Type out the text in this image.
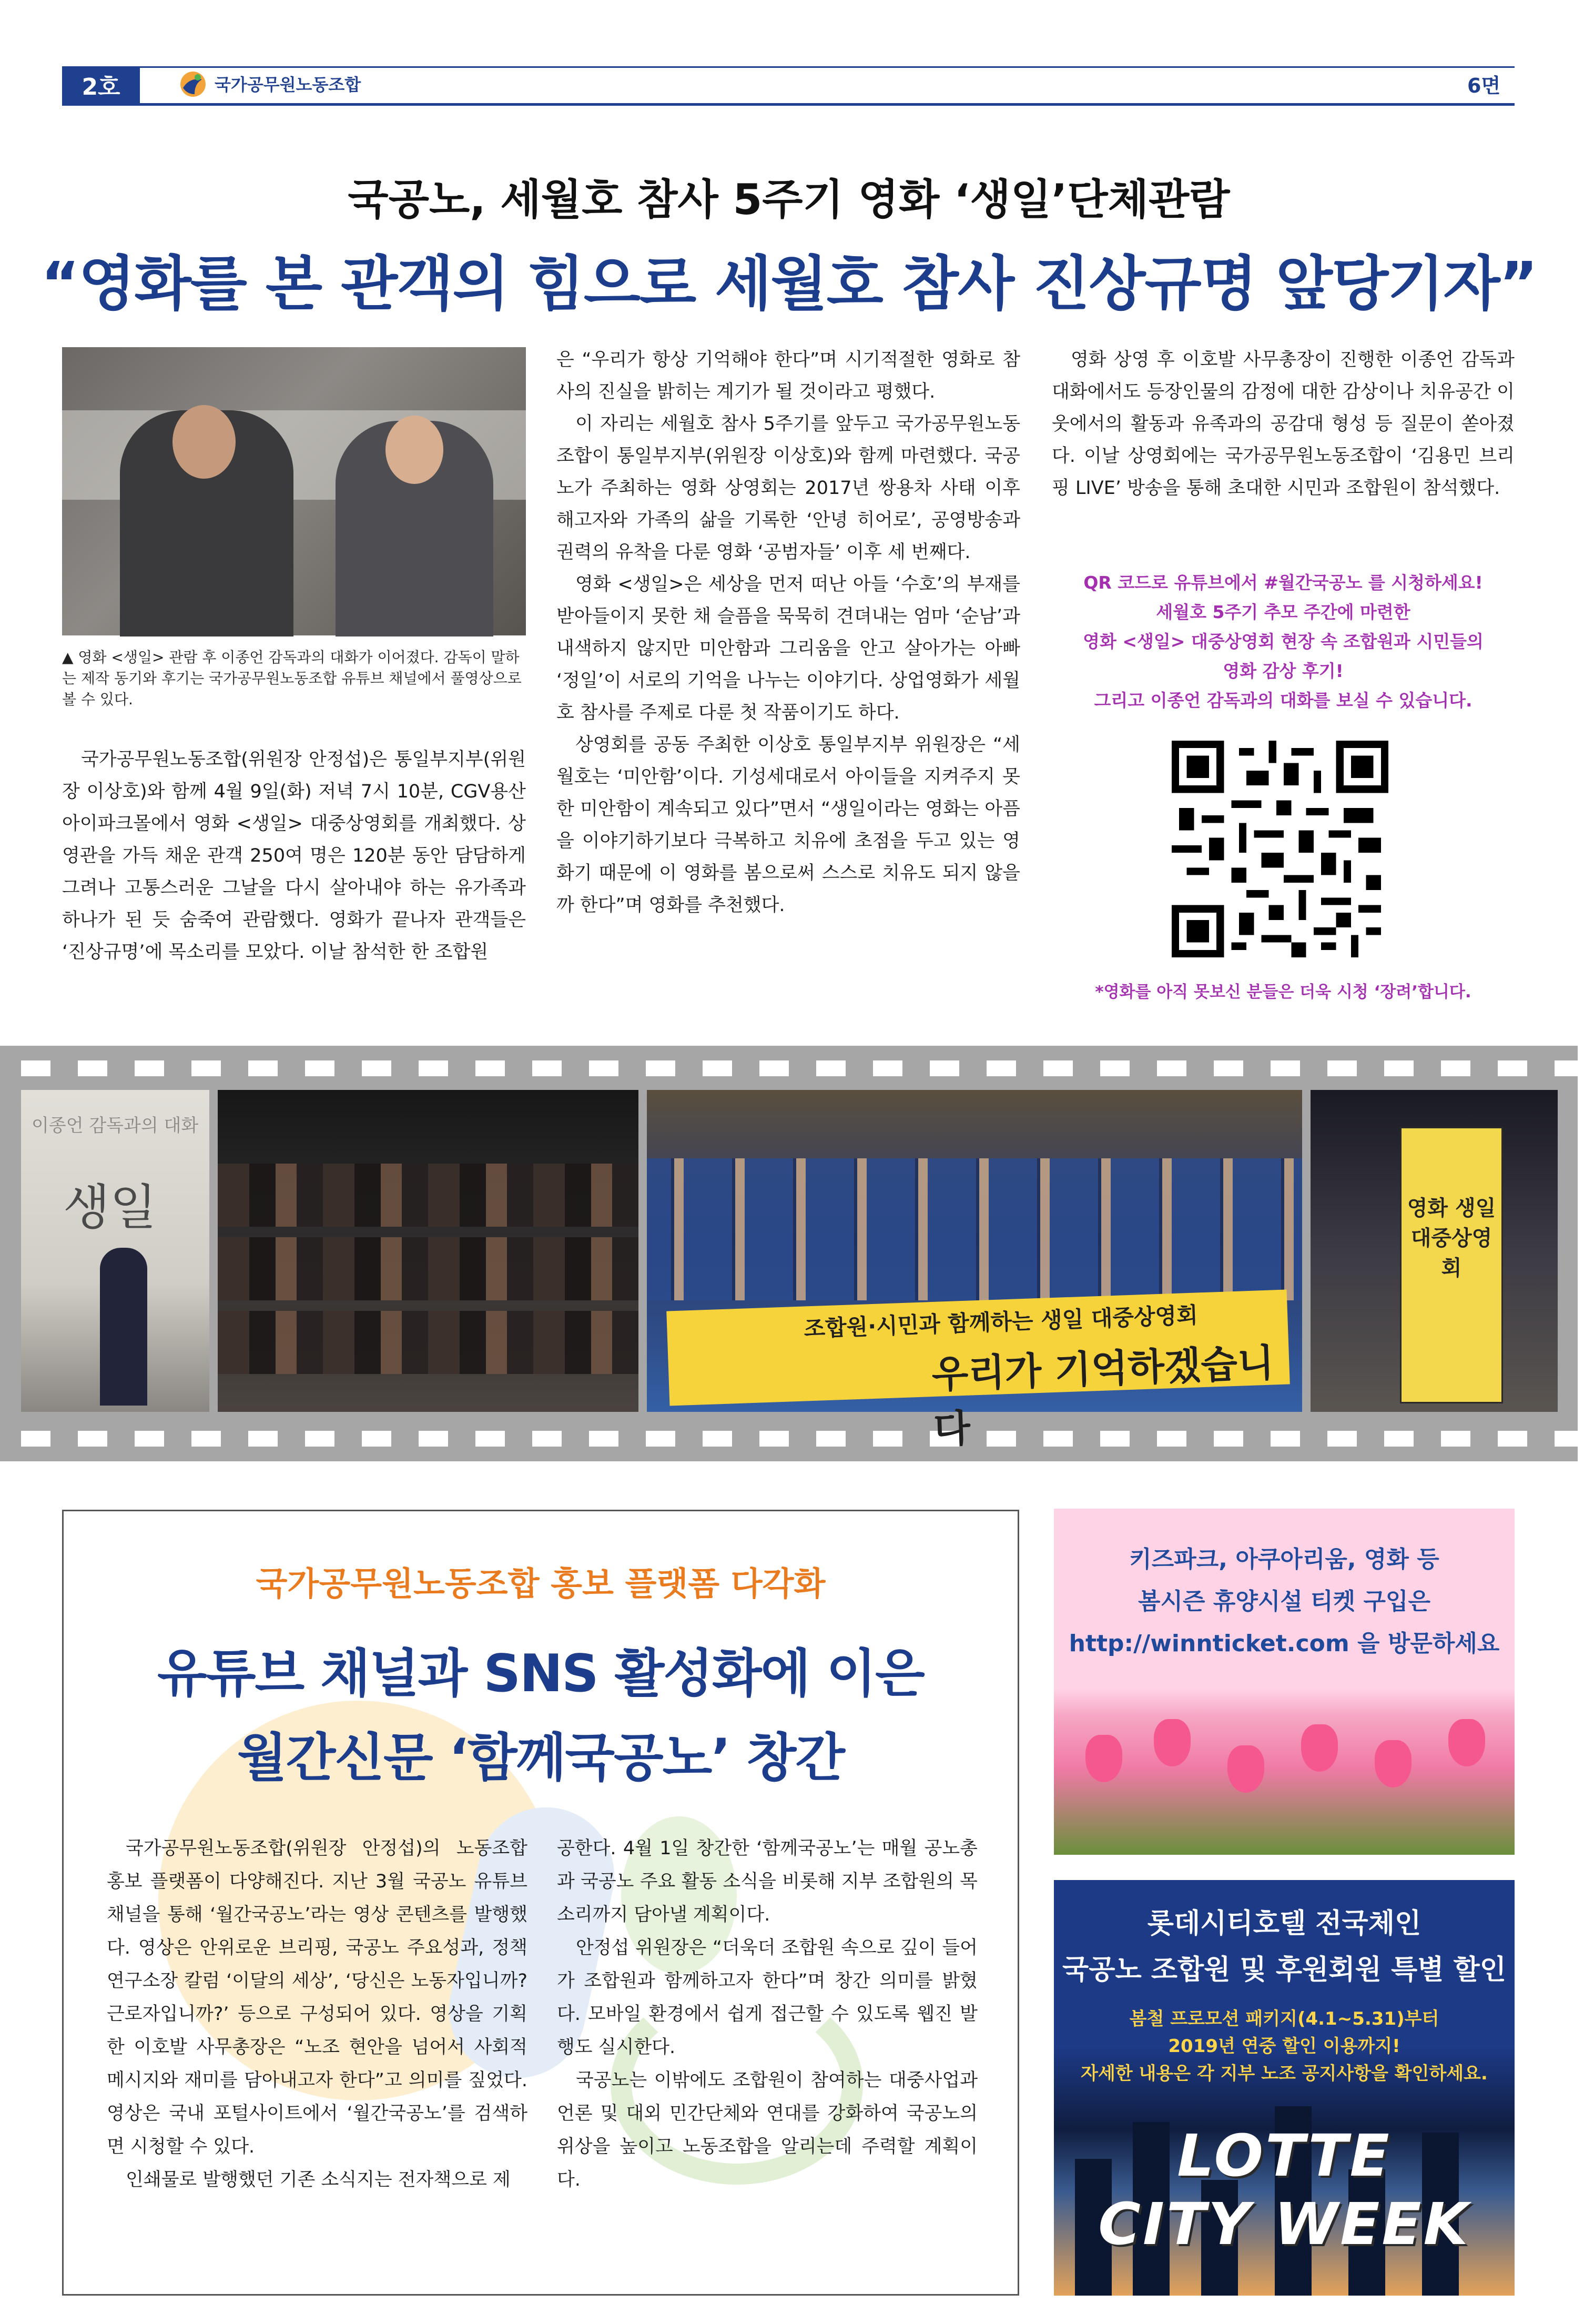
2호	국가공무원노동조합	6면
국공노, 세월호 참사 5주기 영화 ‘생일’단체관람
“영화를 본 관객의 힘으로 세월호 참사 진상규명 앞당기자”
▲ 영화 <생일> 관람 후 이종언 감독과의 대화가 이어졌다. 감독이 말하는 제작 동기와 후기는 국가공무원노동조합 유튜브 채널에서 풀영상으로 볼 수 있다.

국가공무원노동조합(위원장 안정섭)은 통일부지부(위원장 이상호)와 함께 4월 9일(화) 저녁 7시 10분, CGV용산아이파크몰에서 영화 <생일> 대중상영회를 개최했다. 상영관을 가득 채운 관객 250여 명은 120분 동안 담담하게 그려나 고통스러운 그날을 다시 살아내야 하는 유가족과 하나가 된 듯 숨죽여 관람했다. 영화가 끝나자 관객들은 ‘진상규명’에 목소리를 모았다. 이날 참석한 한 조합원

은 “우리가 항상 기억해야 한다”며 시기적절한 영화로 참사의 진실을 밝히는 계기가 될 것이라고 평했다.

이 자리는 세월호 참사 5주기를 앞두고 국가공무원노동조합이 통일부지부(위원장 이상호)와 함께 마련했다. 국공노가 주최하는 영화 상영회는 2017년 쌍용차 사태 이후 해고자와 가족의 삶을 기록한 ‘안녕 히어로’, 공영방송과 권력의 유착을 다룬 영화 ‘공범자들’ 이후 세 번째다.

영화 <생일>은 세상을 먼저 떠난 아들 ‘수호’의 부재를 받아들이지 못한 채 슬픔을 묵묵히 견뎌내는 엄마 ‘순남’과 내색하지 않지만 미안함과 그리움을 안고 살아가는 아빠 ‘정일’이 서로의 기억을 나누는 이야기다. 상업영화가 세월호 참사를 주제로 다룬 첫 작품이기도 하다.

상영회를 공동 주최한 이상호 통일부지부 위원장은 “세월호는 ‘미안함’이다. 기성세대로서 아이들을 지켜주지 못한 미안함이 계속되고 있다”면서 “생일이라는 영화는 아픔을 이야기하기보다 극복하고 치유에 초점을 두고 있는 영화기 때문에 이 영화를 봄으로써 스스로 치유도 되지 않을까 한다”며 영화를 추천했다.

영화 상영 후 이호발 사무총장이 진행한 이종언 감독과 대화에서도 등장인물의 감정에 대한 감상이나 치유공간 이웃에서의 활동과 유족과의 공감대 형성 등 질문이 쏟아졌다. 이날 상영회에는 국가공무원노동조합이 ‘김용민 브리핑 LIVE’ 방송을 통해 초대한 시민과 조합원이 참석했다.

QR 코드로 유튜브에서 #월간국공노 를 시청하세요!
세월호 5주기 추모 주간에 마련한
영화 <생일> 대중상영회 현장 속 조합원과 시민들의
영화 감상 후기!
그리고 이종언 감독과의 대화를 보실 수 있습니다.
*영화를 아직 못보신 분들은 더욱 시청 ‘장려’합니다.
이종언 감독과의 대화
생일
조합원·시민과 함께하는 생일 대중상영회
우리가 기억하겠습니다
영화 생일 대중상영회
국가공무원노동조합 홍보 플랫폼 다각화
유튜브 채널과 SNS 활성화에 이은
월간신문 ‘함께국공노’ 창간

국가공무원노동조합(위원장 안정섭)의 노동조합 홍보 플랫폼이 다양해진다. 지난 3월 국공노 유튜브 채널을 통해 ‘월간국공노’라는 영상 콘텐츠를 발행했다. 영상은 안위로운 브리핑, 국공노 주요성과, 정책연구소장 칼럼 ‘이달의 세상’, ‘당신은 노동자입니까? 근로자입니까?’ 등으로 구성되어 있다. 영상을 기획한 이호발 사무총장은 “노조 현안을 넘어서 사회적 메시지와 재미를 담아내고자 한다”고 의미를 짚었다. 영상은 국내 포털사이트에서 ‘월간국공노’를 검색하면 시청할 수 있다.

인쇄물로 발행했던 기존 소식지는 전자책으로 제

공한다. 4월 1일 창간한 ‘함께국공노’는 매월 공노총과 국공노 주요 활동 소식을 비롯해 지부 조합원의 목소리까지 담아낼 계획이다.

안정섭 위원장은 “더욱더 조합원 속으로 깊이 들어가 조합원과 함께하고자 한다”며 창간 의미를 밝혔다. 모바일 환경에서 쉽게 접근할 수 있도록 웹진 발행도 실시한다.

국공노는 이밖에도 조합원이 참여하는 대중사업과 언론 및 대외 민간단체와 연대를 강화하여 국공노의 위상을 높이고 노동조합을 알리는데 주력할 계획이다.

키즈파크, 아쿠아리움, 영화 등
봄시즌 휴양시설 티켓 구입은
http://winnticket.com 을 방문하세요
롯데시티호텔 전국체인
국공노 조합원 및 후원회원 특별 할인
봄철 프로모션 패키지(4.1~5.31)부터
2019년 연중 할인 이용까지!
자세한 내용은 각 지부 노조 공지사항을 확인하세요.
LOTTE
CITY WEEK
